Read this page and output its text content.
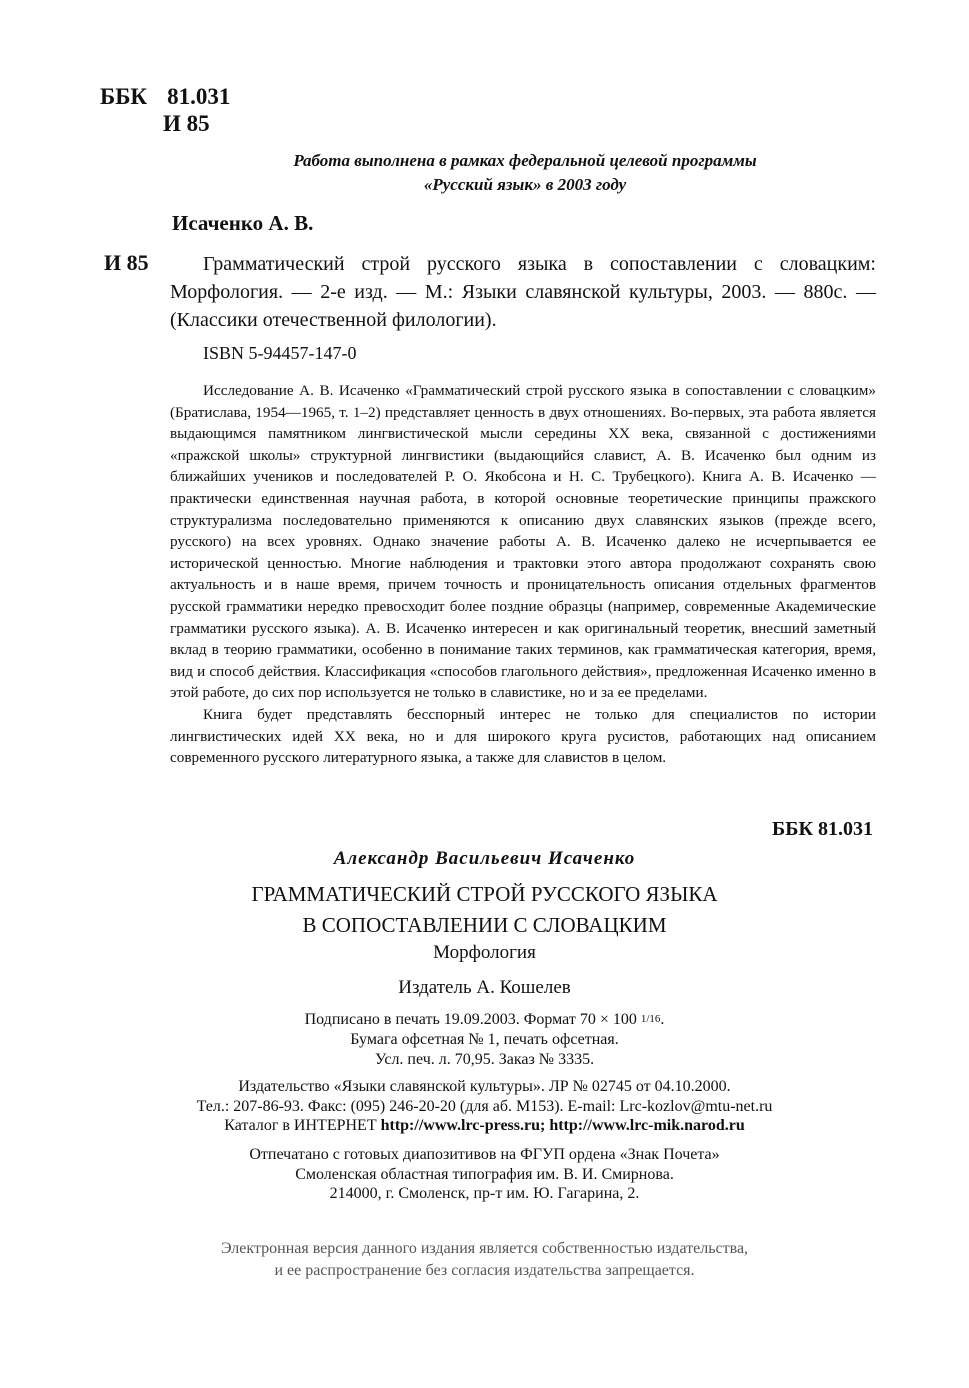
ББК 81.031
И 85
Работа выполнена в рамках федеральной целевой программы
«Русский язык» в 2003 году
Исаченко А. В.
И 85	Грамматический строй русского языка в сопоставлении с словацким: Морфология. — 2-е изд. — М.: Языки славянской культуры, 2003. — 880с. — (Классики отечественной филологии).
ISBN 5-94457-147-0

Исследование А. В. Исаченко «Грамматический строй русского языка в сопоставлении с словацким» (Братислава, 1954—1965, т. 1–2) представляет ценность в двух отношениях. Во-первых, эта работа является выдающимся памятником лингвистической мысли середины XX века, связанной с достижениями «пражской школы» структурной лингвистики (выдающийся славист, А. В. Исаченко был одним из ближайших учеников и последователей Р. О. Якобсона и Н. С. Трубецкого). Книга А. В. Исаченко — практически единственная научная работа, в которой основные теоретические принципы пражского структурализма последовательно применяются к описанию двух славянских языков (прежде всего, русского) на всех уровнях. Однако значение работы А. В. Исаченко далеко не исчерпывается ее исторической ценностью. Многие наблюдения и трактовки этого автора продолжают сохранять свою актуальность и в наше время, причем точность и проницательность описания отдельных фрагментов русской грамматики нередко превосходит более поздние образцы (например, современные Академические грамматики русского языка). А. В. Исаченко интересен и как оригинальный теоретик, внесший заметный вклад в теорию грамматики, особенно в понимание таких терминов, как грамматическая категория, время, вид и способ действия. Классификация «способов глагольного действия», предложенная Исаченко именно в этой работе, до сих пор используется не только в славистике, но и за ее пределами.

Книга будет представлять бесспорный интерес не только для специалистов по истории лингвистических идей XX века, но и для широкого круга русистов, работающих над описанием современного русского литературного языка, а также для славистов в целом.

ББК 81.031
Александр Васильевич Исаченко
ГРАММАТИЧЕСКИЙ СТРОЙ РУССКОГО ЯЗЫКА
В СОПОСТАВЛЕНИИ С СЛОВАЦКИМ
Морфология
Издатель А. Кошелев
Подписано в печать 19.09.2003. Формат 70 × 100 1/16.
Бумага офсетная № 1, печать офсетная.
Усл. печ. л. 70,95. Заказ № 3335.
Издательство «Языки славянской культуры». ЛР № 02745 от 04.10.2000.
Тел.: 207-86-93. Факс: (095) 246-20-20 (для аб. М153). E-mail: Lrc-kozlov@mtu-net.ru
Каталог в ИНТЕРНЕТ http://www.lrc-press.ru; http://www.lrc-mik.narod.ru
Отпечатано с готовых диапозитивов на ФГУП ордена «Знак Почета»
Смоленская областная типография им. В. И. Смирнова.
214000, г. Смоленск, пр-т им. Ю. Гагарина, 2.
Электронная версия данного издания является собственностью издательства,
и ее распространение без согласия издательства запрещается.
